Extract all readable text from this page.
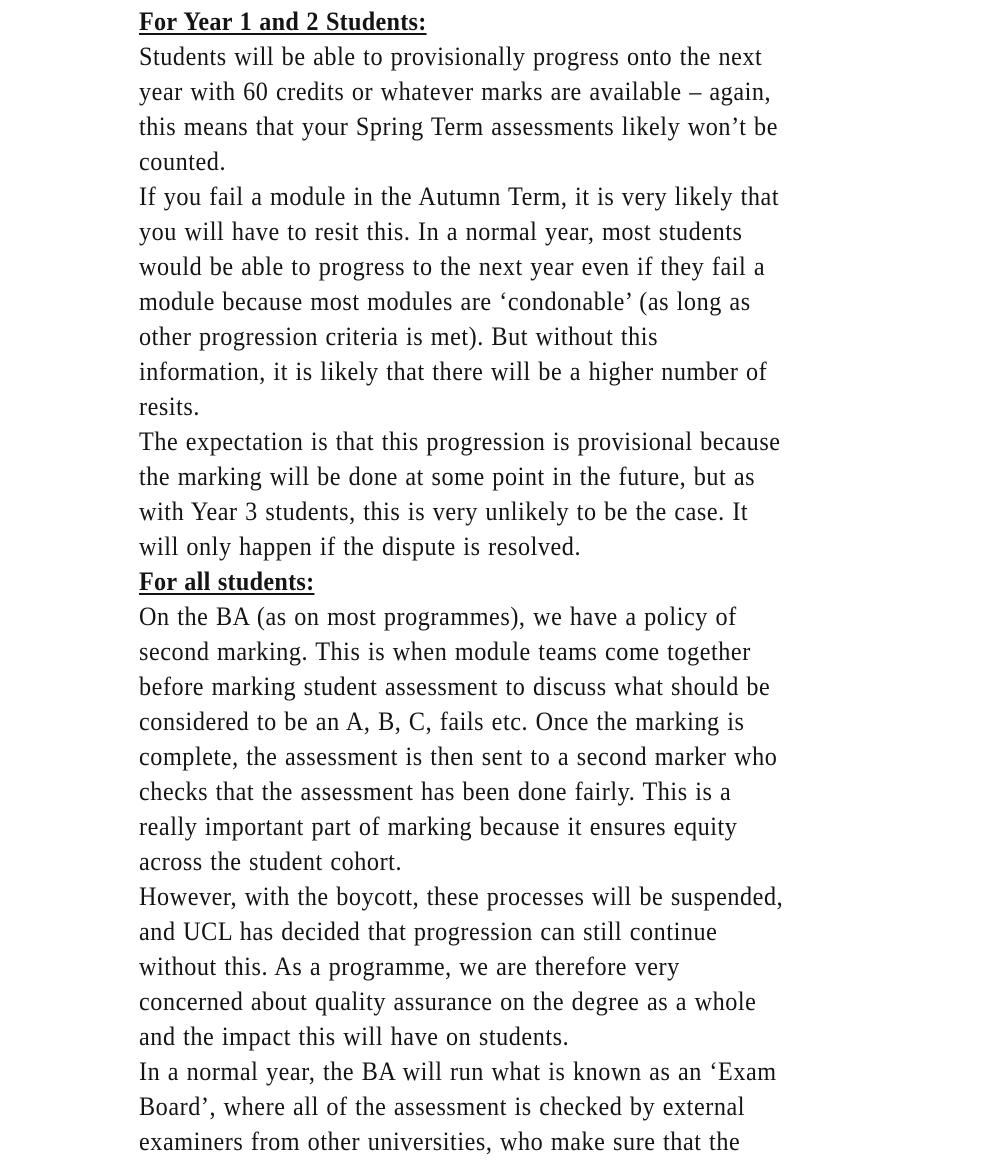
For Year 1 and 2 Students:
Students will be able to provisionally progress onto the next
year with 60 credits or whatever marks are available – again,
this means that your Spring Term assessments likely won’t be
counted.
If you fail a module in the Autumn Term, it is very likely that
you will have to resit this. In a normal year, most students
would be able to progress to the next year even if they fail a
module because most modules are ‘condonable’ (as long as
other progression criteria is met). But without this
information, it is likely that there will be a higher number of
resits.
The expectation is that this progression is provisional because
the marking will be done at some point in the future, but as
with Year 3 students, this is very unlikely to be the case. It
will only happen if the dispute is resolved.
For all students:
On the BA (as on most programmes), we have a policy of
second marking. This is when module teams come together
before marking student assessment to discuss what should be
considered to be an A, B, C, fails etc. Once the marking is
complete, the assessment is then sent to a second marker who
checks that the assessment has been done fairly. This is a
really important part of marking because it ensures equity
across the student cohort.
However, with the boycott, these processes will be suspended,
and UCL has decided that progression can still continue
without this. As a programme, we are therefore very
concerned about quality assurance on the degree as a whole
and the impact this will have on students.
In a normal year, the BA will run what is known as an ‘Exam
Board’, where all of the assessment is checked by external
examiners from other universities, who make sure that the
